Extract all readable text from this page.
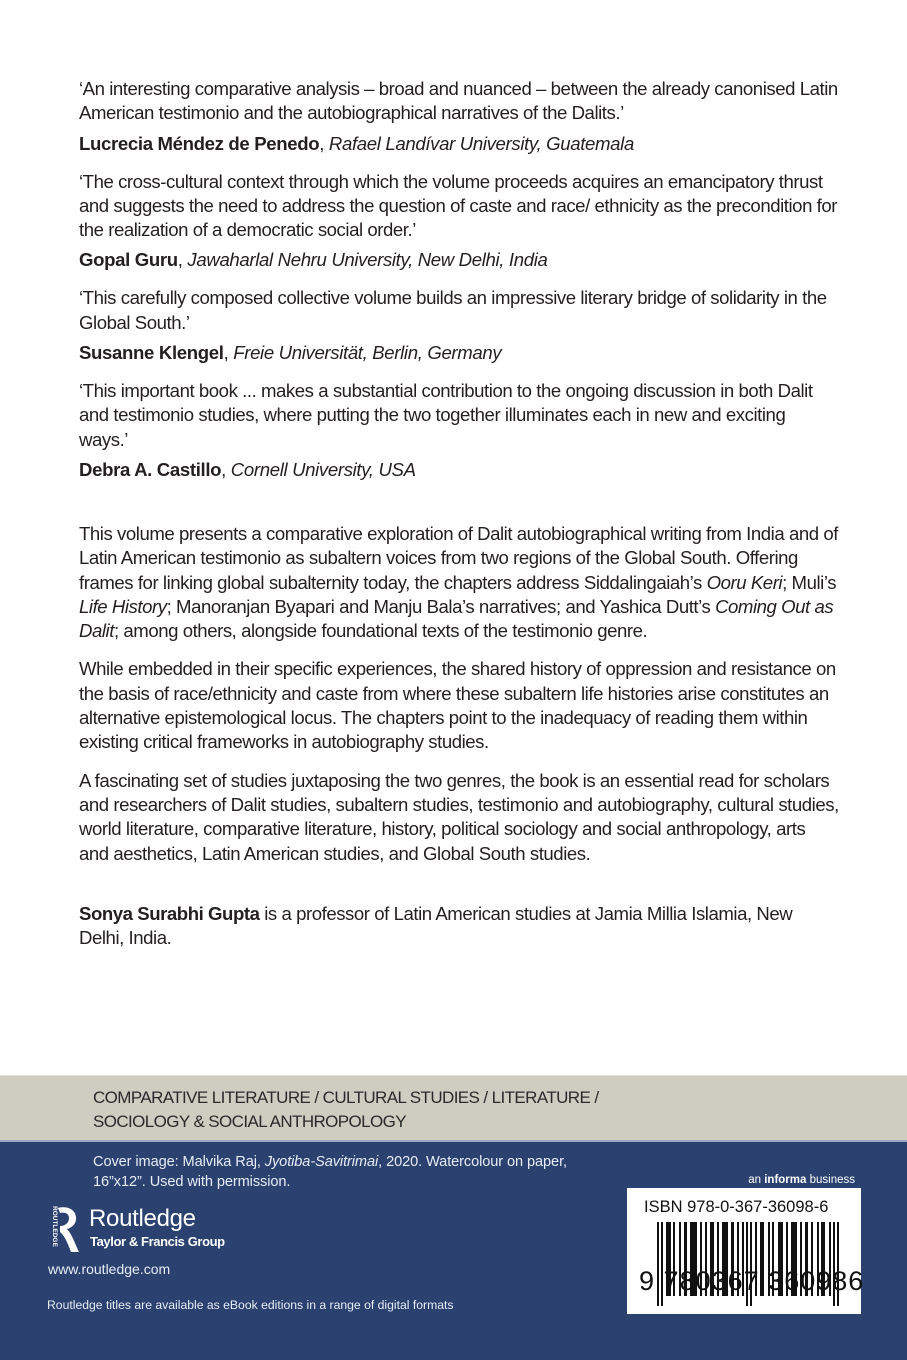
‘An interesting comparative analysis – broad and nuanced – between the already canonised Latin American testimonio and the autobiographical narratives of the Dalits.’

Lucrecia Méndez de Penedo, Rafael Landívar University, Guatemala

‘The cross-cultural context through which the volume proceeds acquires an emancipatory thrust and suggests the need to address the question of caste and race/ ethnicity as the precondition for the realization of a democratic social order.’

Gopal Guru, Jawaharlal Nehru University, New Delhi, India

‘This carefully composed collective volume builds an impressive literary bridge of solidarity in the Global South.’

Susanne Klengel, Freie Universität, Berlin, Germany

‘This important book ... makes a substantial contribution to the ongoing discussion in both Dalit and testimonio studies, where putting the two together illuminates each in new and exciting ways.’

Debra A. Castillo, Cornell University, USA

This volume presents a comparative exploration of Dalit autobiographical writing from India and of Latin American testimonio as subaltern voices from two regions of the Global South. Offering frames for linking global subalternity today, the chapters address Siddalingaiah’s Ooru Keri; Muli’s Life History; Manoranjan Byapari and Manju Bala’s narratives; and Yashica Dutt’s Coming Out as Dalit; among others, alongside foundational texts of the testimonio genre.

While embedded in their specific experiences, the shared history of oppression and resistance on the basis of race/ethnicity and caste from where these subaltern life histories arise constitutes an alternative epistemological locus. The chapters point to the inadequacy of reading them within existing critical frameworks in autobiography studies.

A fascinating set of studies juxtaposing the two genres, the book is an essential read for scholars and researchers of Dalit studies, subaltern studies, testimonio and autobiography, cultural studies, world literature, comparative literature, history, political sociology and social anthropology, arts and aesthetics, Latin American studies, and Global South studies.

Sonya Surabhi Gupta is a professor of Latin American studies at Jamia Millia Islamia, New Delhi, India.

COMPARATIVE LITERATURE / CULTURAL STUDIES / LITERATURE /
SOCIOLOGY & SOCIAL ANTHROPOLOGY
Cover image: Malvika Raj, Jyotiba-Savitrimai, 2020. Watercolour on paper, 16”x12”. Used with permission.
ROUTLEDGE Routledge
Taylor & Francis Group
www.routledge.com
Routledge titles are available as eBook editions in a range of digital formats
an informa business
ISBN 978-0-367-36098-6
9 780367 360986
